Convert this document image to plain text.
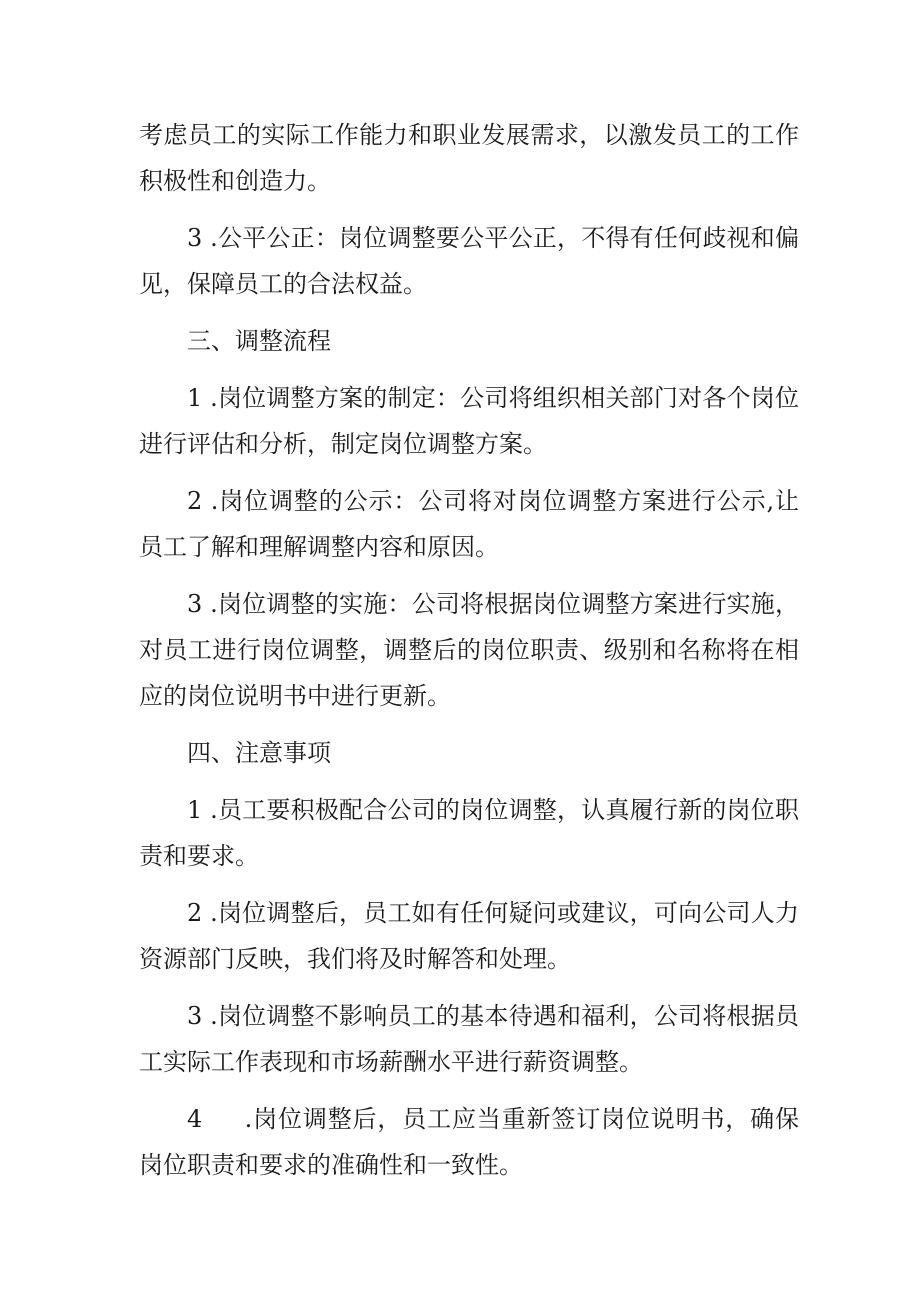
考虑员工的实际工作能力和职业发展需求，以激发员工的工作积极性和创造力。

3 .公平公正：岗位调整要公平公正，不得有任何歧视和偏见，保障员工的合法权益。

三、调整流程

1 .岗位调整方案的制定：公司将组织相关部门对各个岗位进行评估和分析，制定岗位调整方案。

2 .岗位调整的公示：公司将对岗位调整方案进行公示,让员工了解和理解调整内容和原因。

3 .岗位调整的实施：公司将根据岗位调整方案进行实施，对员工进行岗位调整，调整后的岗位职责、级别和名称将在相应的岗位说明书中进行更新。

四、注意事项

1 .员工要积极配合公司的岗位调整，认真履行新的岗位职责和要求。

2 .岗位调整后，员工如有任何疑问或建议，可向公司人力资源部门反映，我们将及时解答和处理。

3 .岗位调整不影响员工的基本待遇和福利，公司将根据员工实际工作表现和市场薪酬水平进行薪资调整。

4     .岗位调整后，员工应当重新签订岗位说明书，确保岗位职责和要求的准确性和一致性。
